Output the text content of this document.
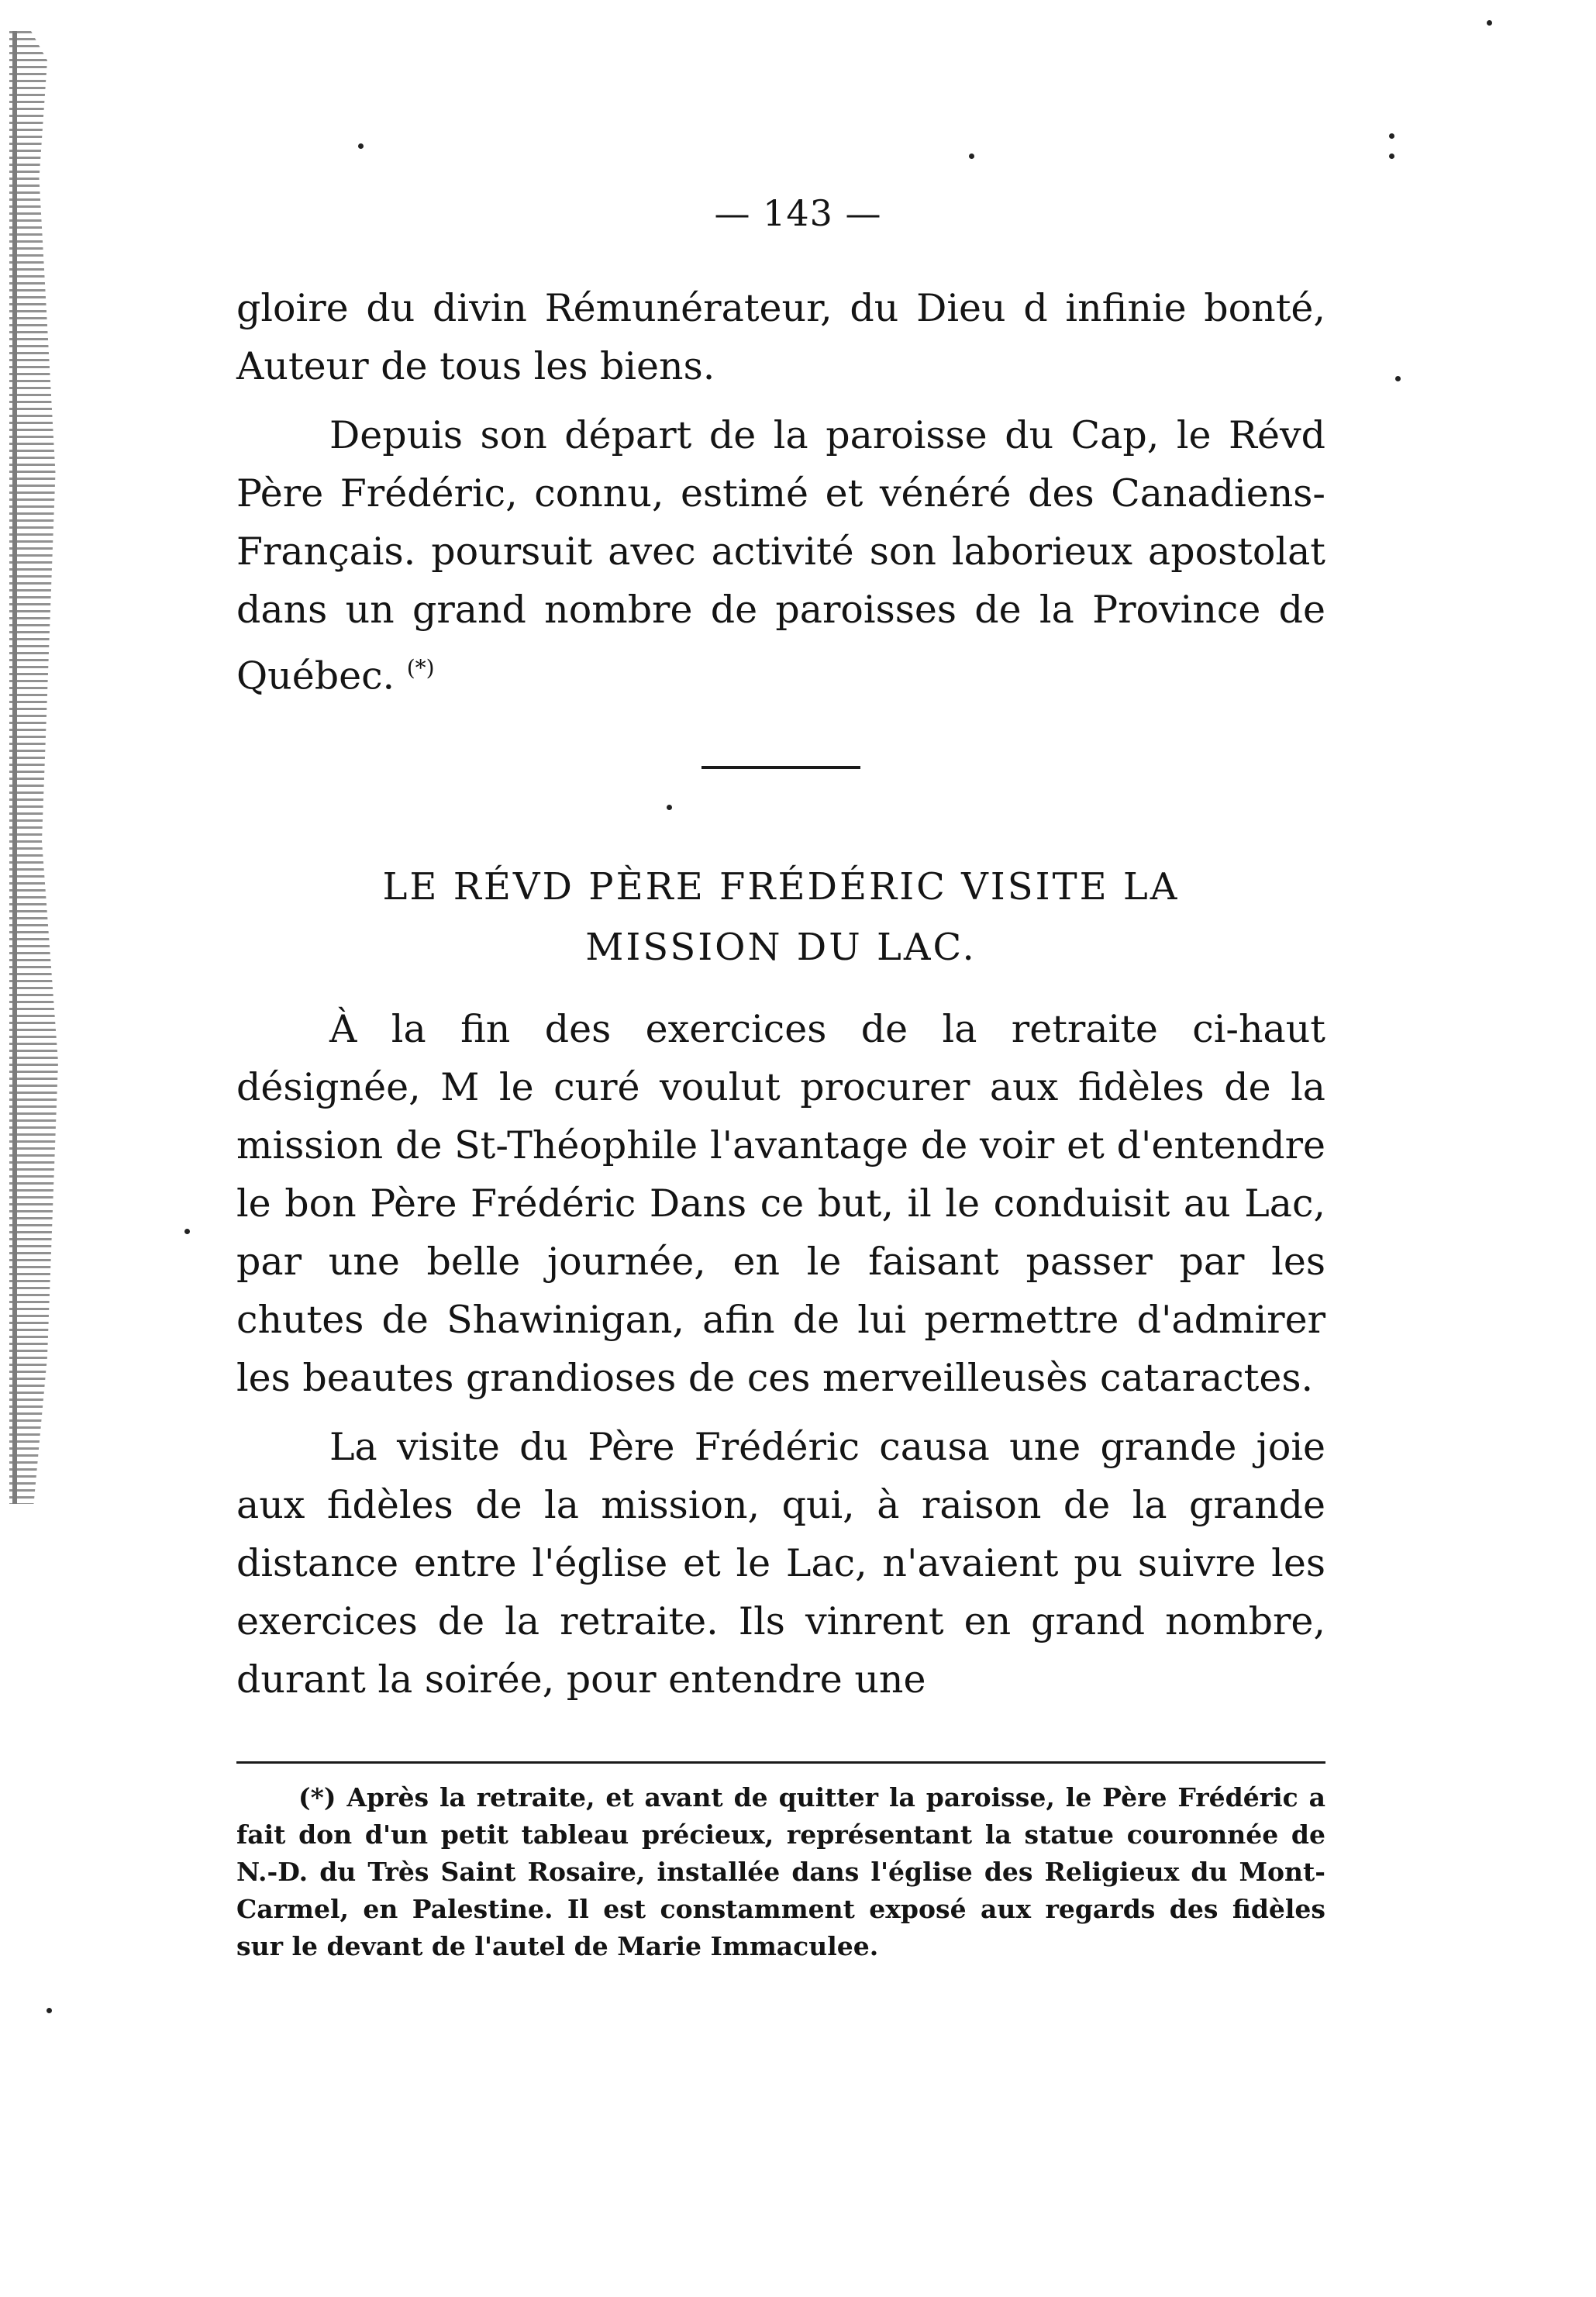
— 143 —

gloire du divin Rémunérateur, du Dieu d infinie bonté, Auteur de tous les biens.

Depuis son départ de la paroisse du Cap, le Révd Père Frédéric, connu, estimé et vénéré des Canadiens-Français. poursuit avec activité son laborieux apostolat dans un grand nombre de paroisses de la Province de Québec. (*)

LE RÉVD PÈRE FRÉDÉRIC VISITE LA
MISSION DU LAC.

À la fin des exercices de la retraite ci-haut désignée, M le curé voulut procurer aux fidèles de la mission de St-Théophile l'avantage de voir et d'entendre le bon Père Frédéric Dans ce but, il le conduisit au Lac, par une belle journée, en le faisant passer par les chutes de Shawinigan, afin de lui permettre d'admirer les beautes grandioses de ces merveilleusès cataractes.

La visite du Père Frédéric causa une grande joie aux fidèles de la mission, qui, à raison de la grande distance entre l'église et le Lac, n'avaient pu suivre les exercices de la retraite. Ils vinrent en grand nombre, durant la soirée, pour entendre une

(*) Après la retraite, et avant de quitter la paroisse, le Père Frédéric a fait don d'un petit tableau précieux, représentant la statue couronnée de N.-D. du Très Saint Rosaire, installée dans l'église des Religieux du Mont-Carmel, en Palestine. Il est constamment exposé aux regards des fidèles sur le devant de l'autel de Marie Immaculee.
